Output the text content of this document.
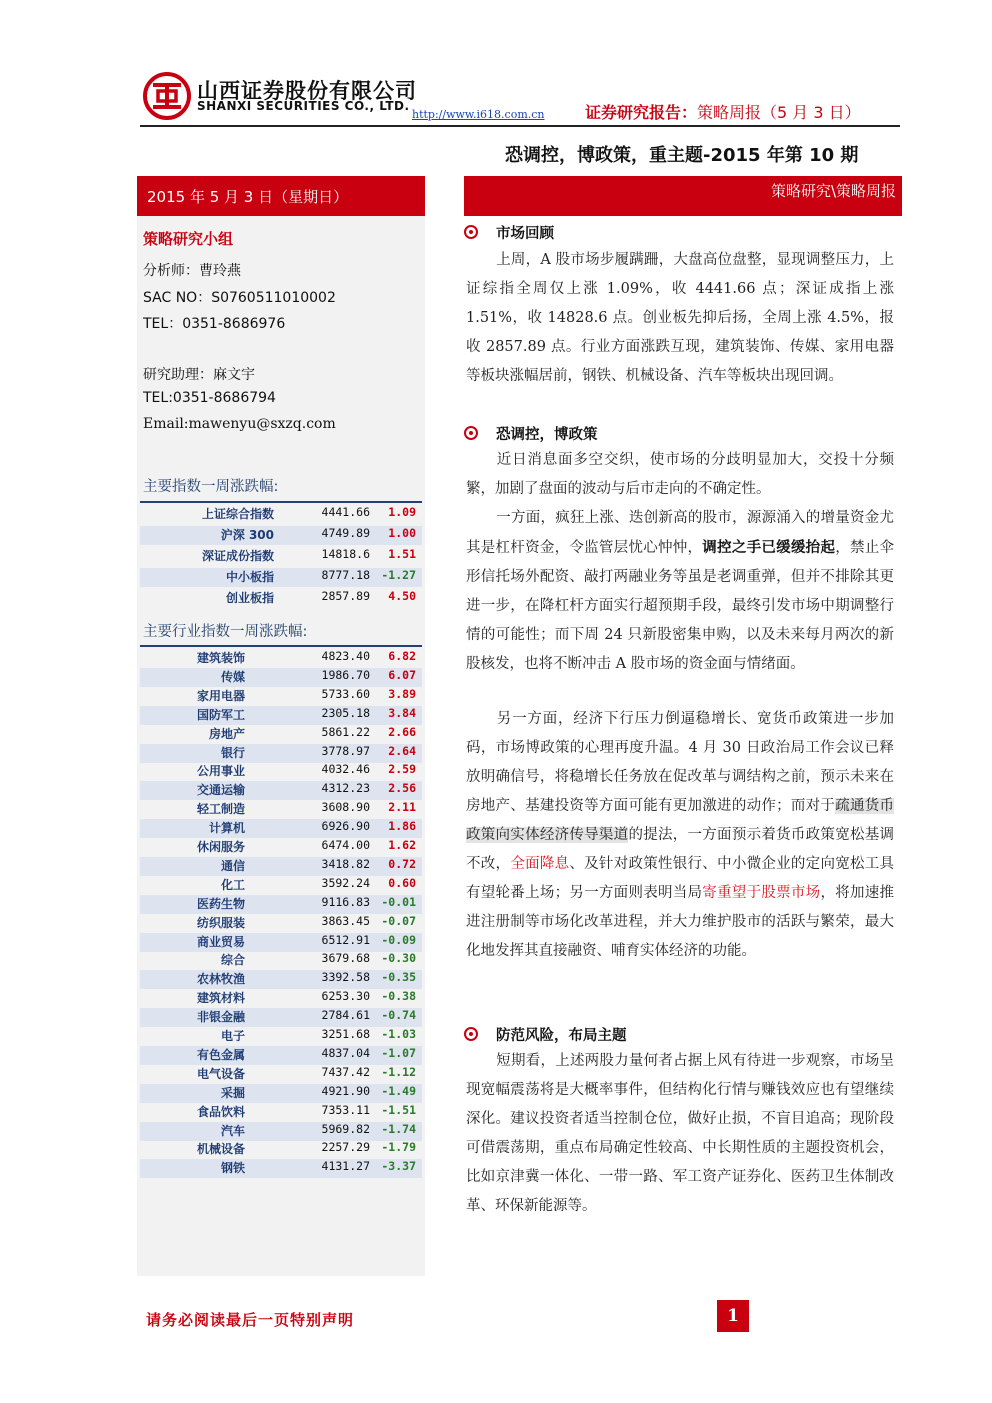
山西证券股份有限公司
SHANXI SECURITIES CO., LTD.
http://www.i618.com.cn	证券研究报告：策略周报（5 月 3 日）
恐调控，博政策，重主题-2015 年第 10 期
2015 年 5 月 3 日（星期日）
策略研究小组
分析师：曹玲燕
SAC NO：S0760511010002
TEL：0351-8686976
研究助理：麻文宇
TEL:0351-8686794
Email:mawenyu@sxzq.com
主要指数一周涨跌幅:
主要行业指数一周涨跌幅:
策略研究\策略周报
市场回顾
上周，A 股市场步履蹒跚，大盘高位盘整，显现调整压力，上证综指全周仅上涨 1.09%，收 4441.66 点；深证成指上涨 1.51%，收 14828.6 点。创业板先抑后扬，全周上涨 4.5%，报收 2857.89 点。行业方面涨跌互现，建筑装饰、传媒、家用电器等板块涨幅居前，钢铁、机械设备、汽车等板块出现回调。
恐调控，博政策
近日消息面多空交织，使市场的分歧明显加大，交投十分频繁，加剧了盘面的波动与后市走向的不确定性。
一方面，疯狂上涨、迭创新高的股市，源源涌入的增量资金尤其是杠杆资金，令监管层忧心忡忡，调控之手已缓缓抬起，禁止伞形信托场外配资、敲打两融业务等虽是老调重弹，但并不排除其更进一步，在降杠杆方面实行超预期手段，最终引发市场中期调整行情的可能性；而下周 24 只新股密集申购，以及未来每月两次的新股核发，也将不断冲击 A 股市场的资金面与情绪面。
另一方面，经济下行压力倒逼稳增长、宽货币政策进一步加码，市场博政策的心理再度升温。4 月 30 日政治局工作会议已释放明确信号，将稳增长任务放在促改革与调结构之前，预示未来在房地产、基建投资等方面可能有更加激进的动作；而对于疏通货币政策向实体经济传导渠道的提法，一方面预示着货币政策宽松基调不改，全面降息、及针对政策性银行、中小微企业的定向宽松工具有望轮番上场；另一方面则表明当局寄重望于股票市场，将加速推进注册制等市场化改革进程，并大力维护股市的活跃与繁荣，最大化地发挥其直接融资、哺育实体经济的功能。
防范风险，布局主题
短期看，上述两股力量何者占据上风有待进一步观察，市场呈现宽幅震荡将是大概率事件，但结构化行情与赚钱效应也有望继续深化。建议投资者适当控制仓位，做好止损，不盲目追高；现阶段可借震荡期，重点布局确定性较高、中长期性质的主题投资机会，比如京津冀一体化、一带一路、军工资产证券化、医药卫生体制改革、环保新能源等。
请务必阅读最后一页特别声明	1
上证综合指数	4441.66	1.09
沪深 300	4749.89	1.00
深证成份指数	14818.6	1.51
中小板指	8777.18 -1.27
创业板指	2857.89	4.50
建筑装饰	4823.40	6.82
传媒	1986.70	6.07
家用电器	5733.60	3.89
国防军工	2305.18	3.84
房地产	5861.22	2.66
银行	3778.97	2.64
公用事业	4032.46	2.59
交通运输	4312.23	2.56
轻工制造	3608.90	2.11
计算机	6926.90	1.86
休闲服务	6474.00	1.62
通信	3418.82	0.72
化工	3592.24	0.60
医药生物	9116.83 -0.01
纺织服装	3863.45 -0.07
商业贸易	6512.91 -0.09
综合	3679.68 -0.30
农林牧渔	3392.58 -0.35
建筑材料	6253.30 -0.38
非银金融	2784.61 -0.74
电子	3251.68 -1.03
有色金属	4837.04 -1.07
电气设备	7437.42 -1.12
采掘	4921.90 -1.49
食品饮料	7353.11 -1.51
汽车	5969.82 -1.74
机械设备	2257.29 -1.79
钢铁	4131.27 -3.37
